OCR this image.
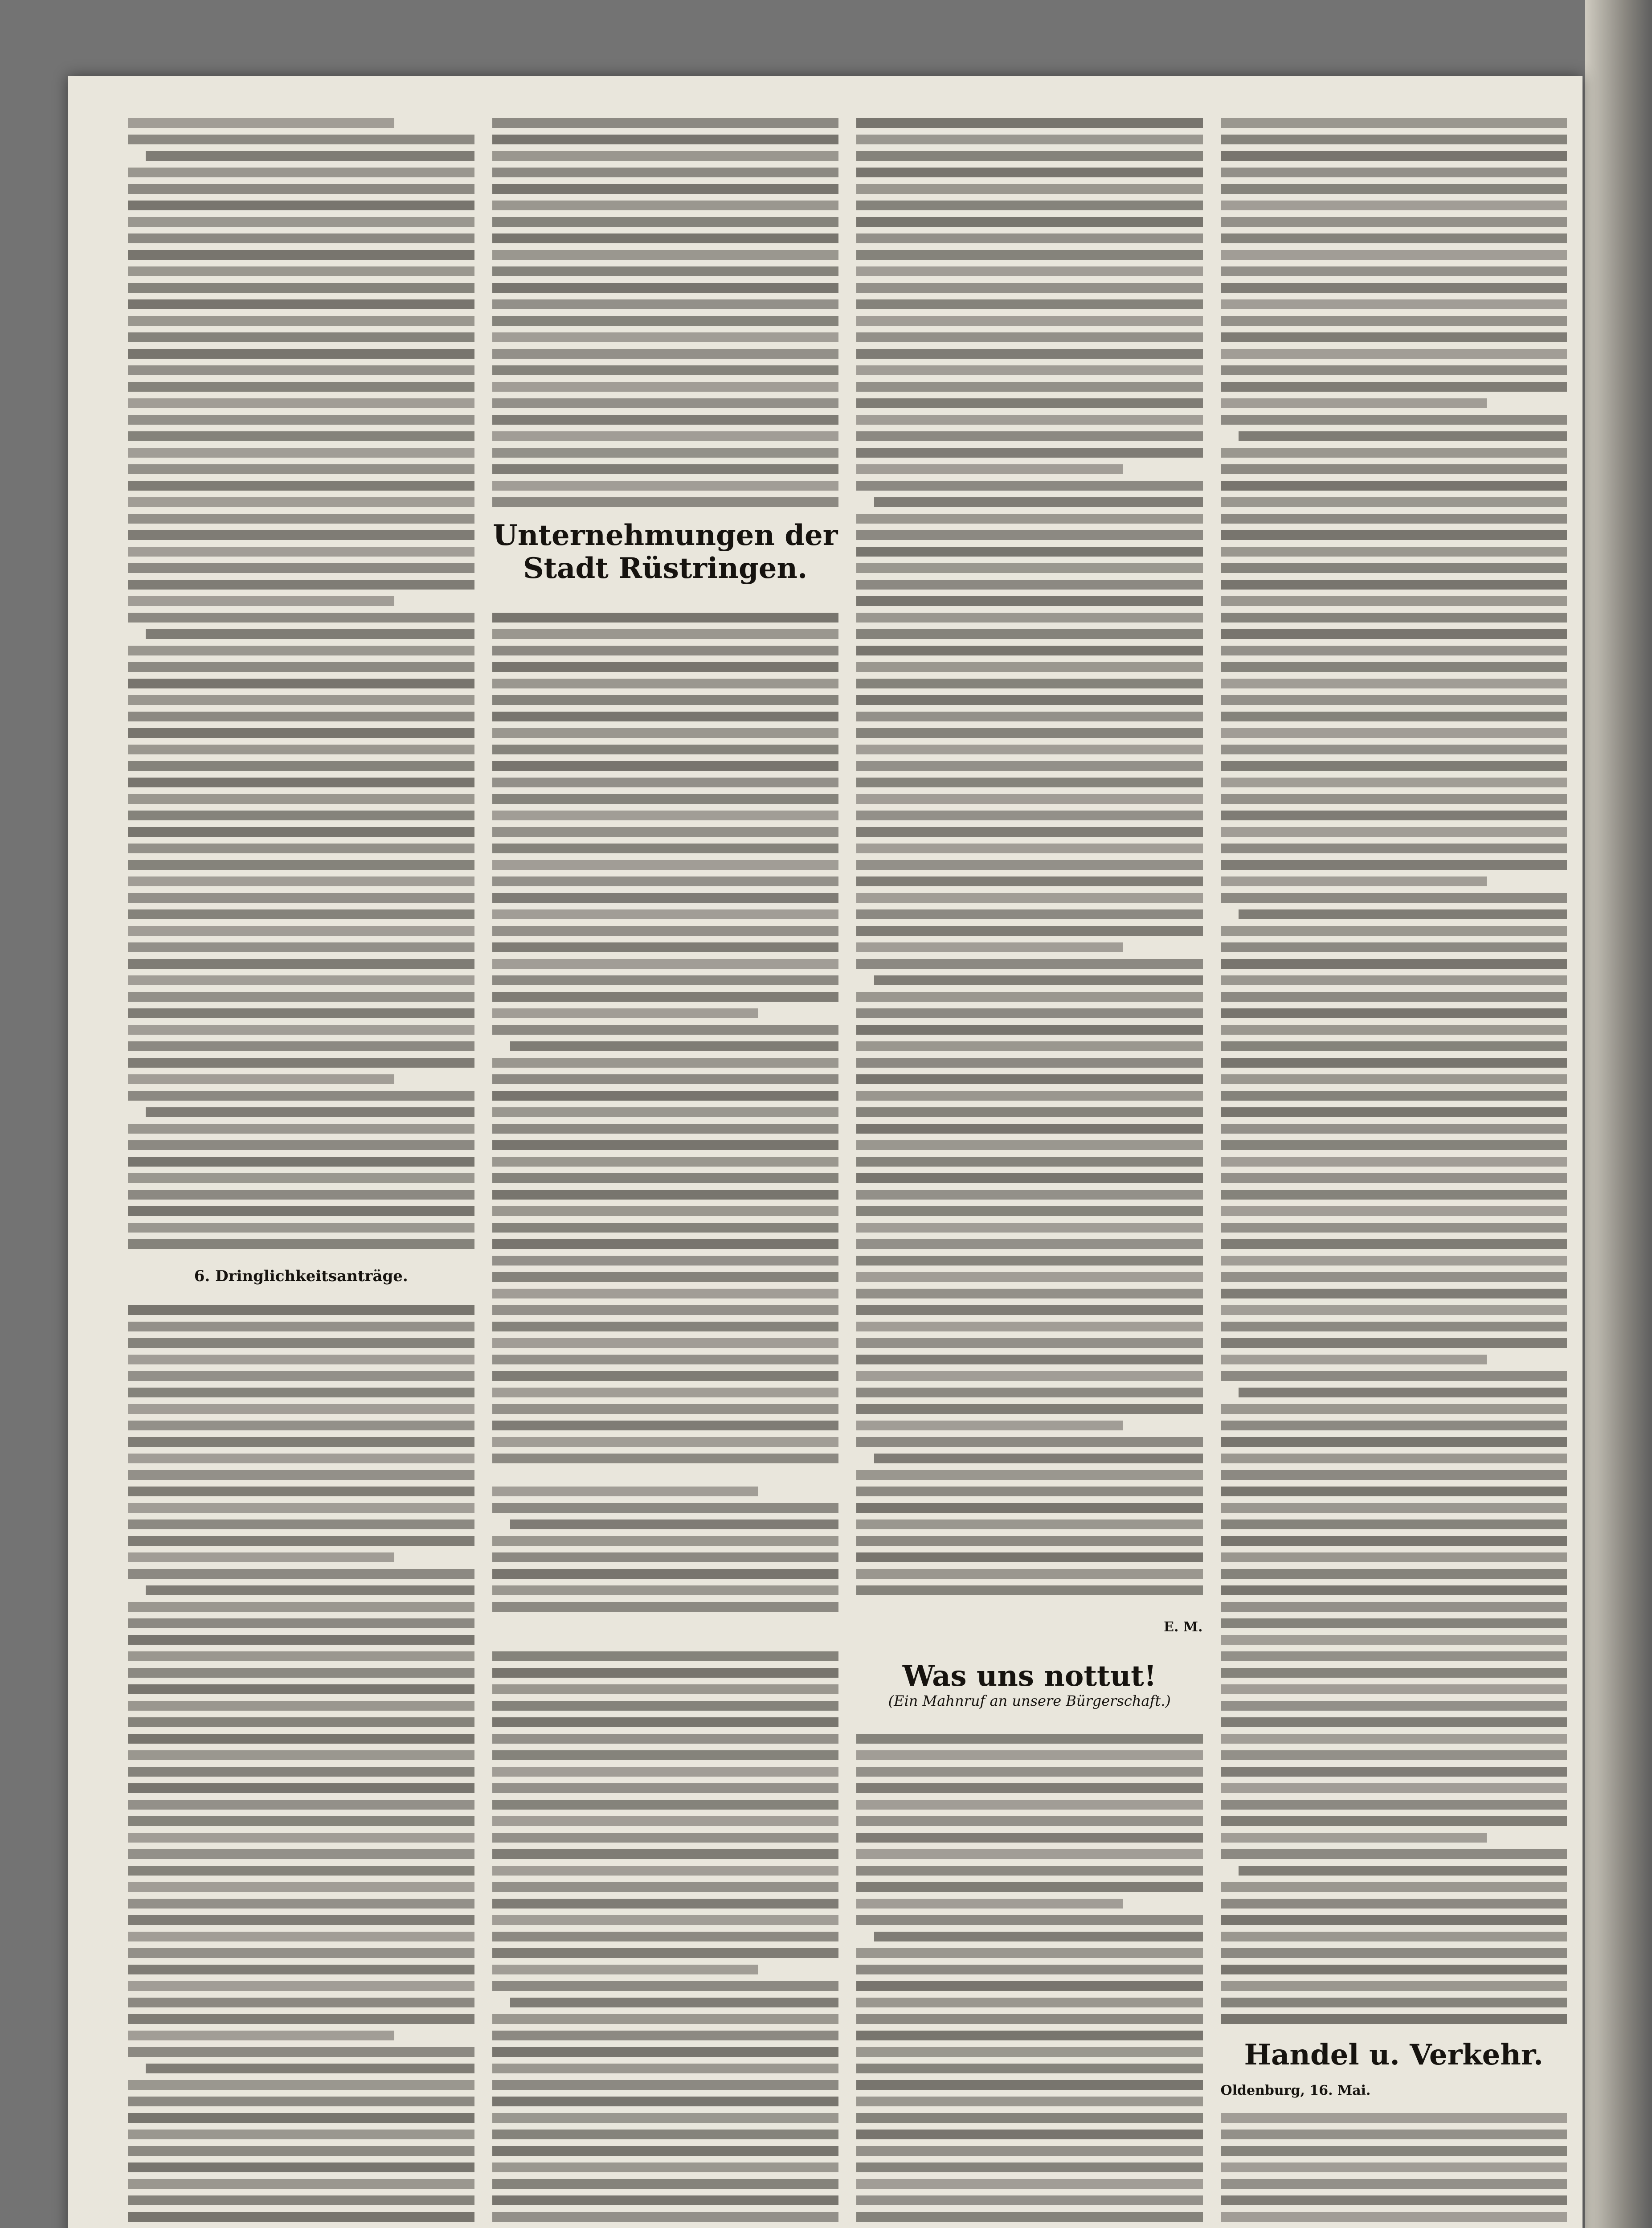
6. Dringlichkeitsanträge.
Unternehmungen der Stadt Rüstringen.
E. M.
Was uns nottut!
(Ein Mahnruf an unsere Bürgerschaft.)
Handel u. Verkehr.
Oldenburg, 16. Mai.
